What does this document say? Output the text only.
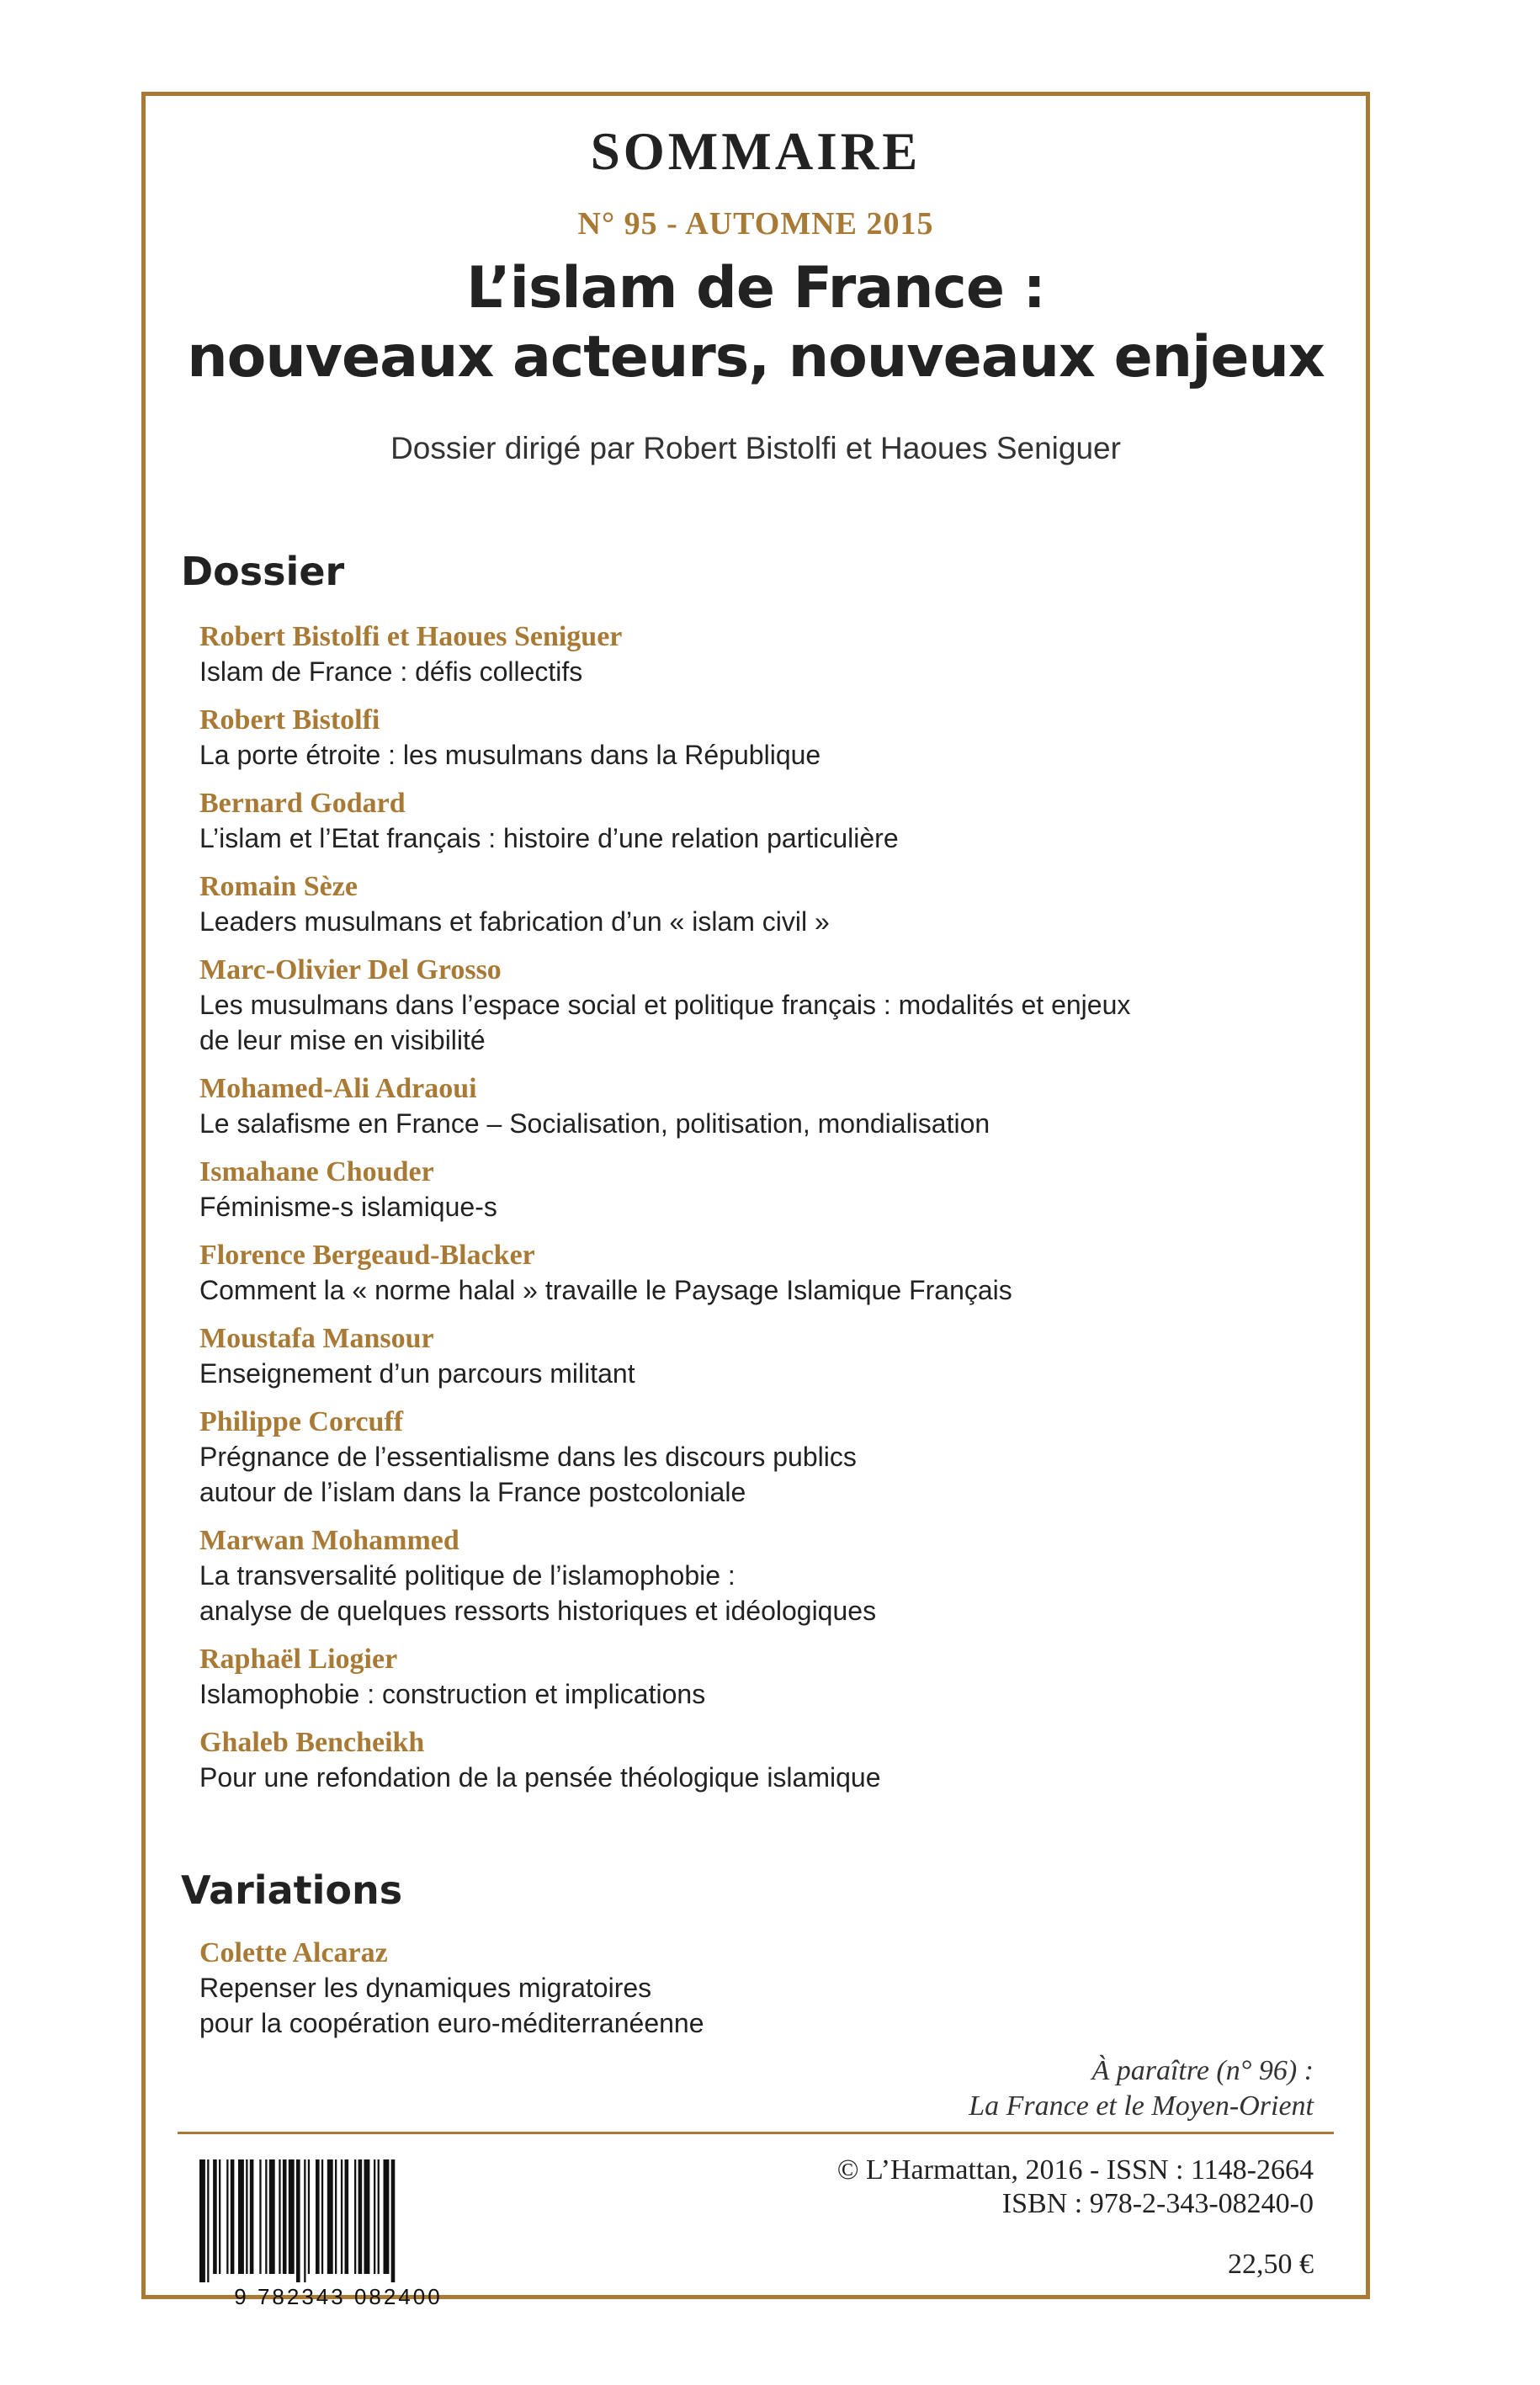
SOMMAIRE
N° 95 - AUTOMNE 2015
L’islam de France :
nouveaux acteurs, nouveaux enjeux
Dossier dirigé par Robert Bistolfi et Haoues Seniguer
Dossier
Robert Bistolfi et Haoues Seniguer
Islam de France : défis collectifs
Robert Bistolfi
La porte étroite : les musulmans dans la République
Bernard Godard
L’islam et l’Etat français : histoire d’une relation particulière
Romain Sèze
Leaders musulmans et fabrication d’un « islam civil »
Marc-Olivier Del Grosso
Les musulmans dans l’espace social et politique français : modalités et enjeux
de leur mise en visibilité
Mohamed-Ali Adraoui
Le salafisme en France – Socialisation, politisation, mondialisation
Ismahane Chouder
Féminisme-s islamique-s
Florence Bergeaud-Blacker
Comment la « norme halal » travaille le Paysage Islamique Français
Moustafa Mansour
Enseignement d’un parcours militant
Philippe Corcuff
Prégnance de l’essentialisme dans les discours publics
autour de l’islam dans la France postcoloniale
Marwan Mohammed
La transversalité politique de l’islamophobie :
analyse de quelques ressorts historiques et idéologiques
Raphaël Liogier
Islamophobie : construction et implications
Ghaleb Bencheikh
Pour une refondation de la pensée théologique islamique
Variations
Colette Alcaraz
Repenser les dynamiques migratoires
pour la coopération euro-méditerranéenne
À paraître (n° 96) :
La France et le Moyen-Orient
9 782343 082400
© L’Harmattan, 2016 - ISSN : 1148-2664
ISBN : 978-2-343-08240-0
22,50 €
